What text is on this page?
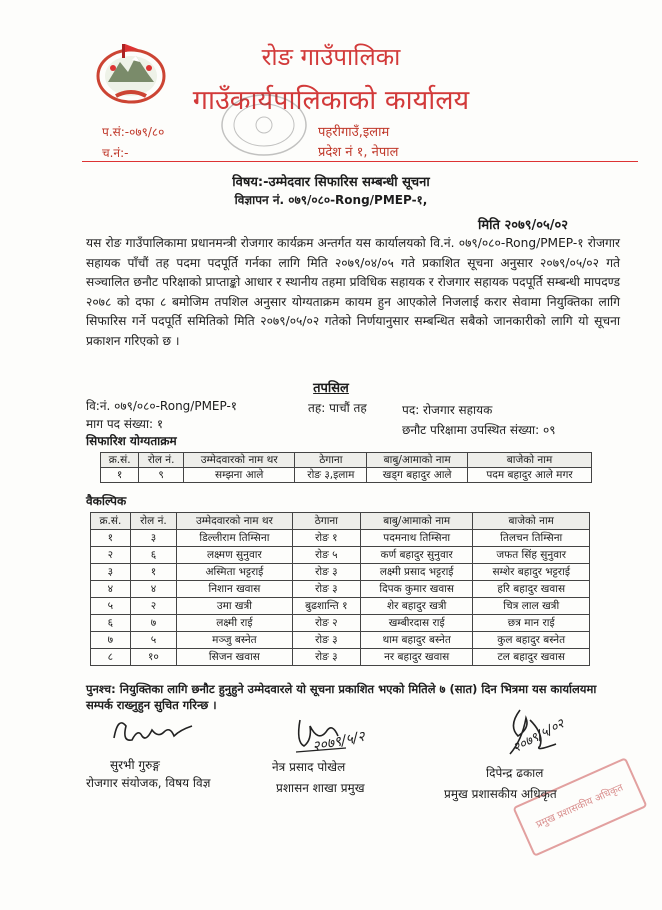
रोङ गाउँपालिका
गाउँकार्यपालिकाको कार्यालय
प.सं:-०७९/८०
च.नं:-
पहरीगाउँ,इलाम
प्रदेश नं १, नेपाल
विषय:-उम्मेदवार सिफारिस सम्बन्धी सूचना
विज्ञापन नं. ०७९/०८०-Rong/PMEP-१,
मिति २०७९/०५/०२
यस रोङ गाउँपालिकामा प्रधानमन्त्री रोजगार कार्यक्रम अन्तर्गत यस कार्यालयको वि.नं. ०७९/०८०-Rong/PMEP-१ रोजगार सहायक पाँचौं तह पदमा पदपूर्ति गर्नका लागि मिति २०७९/०४/०५ गते प्रकाशित सूचना अनुसार २०७९/०५/०२ गते सञ्चालित छनौट परिक्षाको प्राप्ताङ्को आधार र स्थानीय तहमा प्रविधिक सहायक र रोजगार सहायक पदपूर्ति सम्बन्धी मापदण्ड २०७८ को दफा ८ बमोजिम तपशिल अनुसार योग्यताक्रम कायम हुन आएकोले निजलाई करार सेवामा नियुक्तिका लागि सिफारिस गर्ने पदपूर्ति समितिको मिति २०७९/०५/०२ गतेको निर्णयानुसार सम्बन्धित सबैको जानकारीको लागि यो सूचना प्रकाशन गरिएको छ ।
तपसिल
वि:नं. ०७९/०८०-Rong/PMEP-१	तह: पाचौं तह	पद: रोजगार सहायक
माग पद संख्या: १	छनौट परिक्षामा उपस्थित संख्या: ०९
सिफारिश योग्यताक्रम
क्र.सं.	रोल नं.	उम्मेदवारको नाम थर	ठेगाना	बाबु/आमाको नाम	बाजेको नाम
१	९	सम्झना आले	रोङ ३,इलाम	खड्ग बहादुर आले	पदम बहादुर आले मगर
वैकल्पिक
क्र.सं.	रोल नं.	उम्मेदवारको नाम थर	ठेगाना	बाबु/आमाको नाम	बाजेको नाम
१	३	डिल्लीराम तिम्सिना	रोङ १	पदमनाथ तिम्सिना	तिलचन तिम्सिना
२	६	लक्ष्मण सुनुवार	रोङ ५	कर्ण बहादुर सुनुवार	जफत सिंह सुनुवार
३	१	अस्मिता भट्टराई	रोङ ३	लक्ष्मी प्रसाद भट्टराई	सम्शेर बहादुर भट्टराई
४	४	निशान खवास	रोङ ३	दिपक कुमार खवास	हरि बहादुर खवास
५	२	उमा खत्री	बुढशान्ति १	शेर बहादुर खत्री	चित्र लाल खत्री
६	७	लक्ष्मी राई	रोङ २	खम्बीरदास राई	छत्र मान राई
७	५	मञ्जु बस्नेत	रोङ ३	थाम बहादुर बस्नेत	कुल बहादुर बस्नेत
८	१०	सिजन खवास	रोङ ३	नर बहादुर खवास	टल बहादुर खवास
पुनश्च: नियुक्तिका लागि छनौट हुनुहुने उम्मेदवारले यो सूचना प्रकाशित भएको मितिले ७ (सात) दिन भित्रमा यस कार्यालयमा सम्पर्क राख्नुहुन सुचित गरिन्छ ।
२०७९/५/२	२०७९/५/०२
प्रमुख प्रशासकीय अधिकृत
सुरभी गुरुङ्ग
रोजगार संयोजक, विषय विज्ञ
नेत्र प्रसाद पोखेल
प्रशासन शाखा प्रमुख
दिपेन्द्र ढकाल
प्रमुख प्रशासकीय अधिकृत
